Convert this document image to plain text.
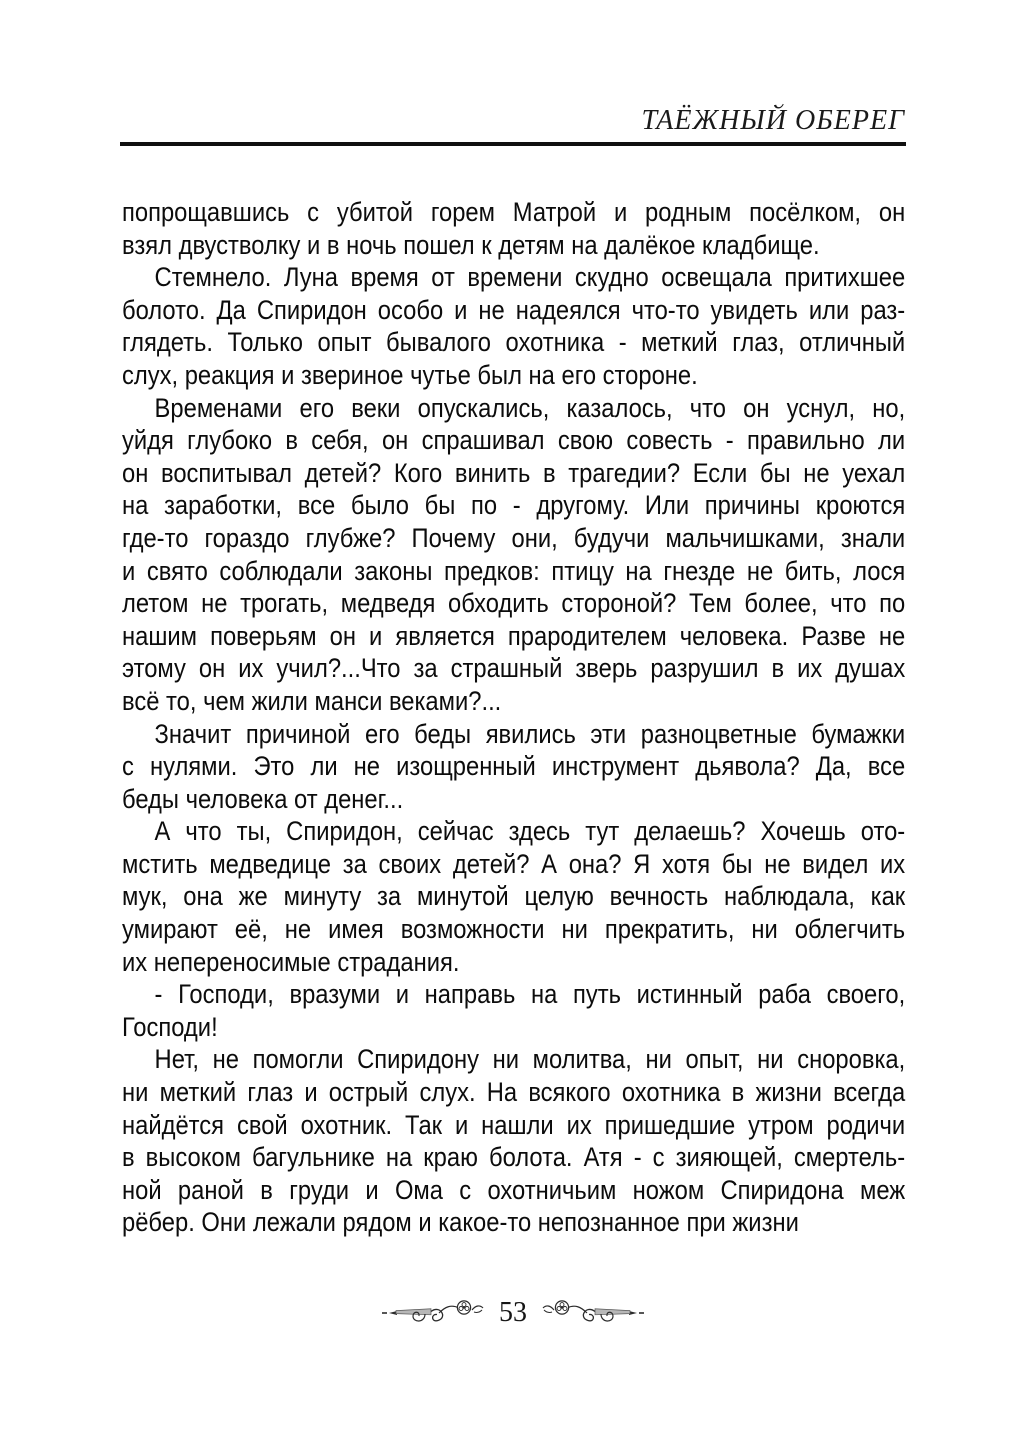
ТАЁЖНЫЙ ОБЕРЕГ
попрощавшись с убитой горем Матрой и родным посёлком, он
взял двустволку и в ночь пошел к детям на далёкое кладбище.
Стемнело. Луна время от времени скудно освещала притихшее
болото. Да Спиридон особо и не надеялся что-то увидеть или раз-
глядеть. Только опыт бывалого охотника - меткий глаз, отличный
слух, реакция и звериное чутье был на его стороне.
Временами его веки опускались, казалось, что он уснул, но,
уйдя глубоко в себя, он спрашивал свою совесть - правильно ли
он воспитывал детей? Кого винить в трагедии? Если бы не уехал
на заработки, все было бы по - другому. Или причины кроются
где-то гораздо глубже? Почему они, будучи мальчишками, знали
и свято соблюдали законы предков: птицу на гнезде не бить, лося
летом не трогать, медведя обходить стороной? Тем более, что по
нашим поверьям он и является прародителем человека. Разве не
этому он их учил?...Что за страшный зверь разрушил в их душах
всё то, чем жили манси веками?...
Значит причиной его беды явились эти разноцветные бумажки
с нулями. Это ли не изощренный инструмент дьявола? Да, все
беды человека от денег...
А что ты, Спиридон, сейчас здесь тут делаешь? Хочешь ото-
мстить медведице за своих детей? А она? Я хотя бы не видел их
мук, она же минуту за минутой целую вечность наблюдала, как
умирают её, не имея возможности ни прекратить, ни облегчить
их непереносимые страдания.
- Господи, вразуми и направь на путь истинный раба своего,
Господи!
Нет, не помогли Спиридону ни молитва, ни опыт, ни сноровка,
ни меткий глаз и острый слух. На всякого охотника в жизни всегда
найдётся свой охотник. Так и нашли их пришедшие утром родичи
в высоком багульнике на краю болота. Атя - с зияющей, смертель-
ной раной в груди и Ома с охотничьим ножом Спиридона меж
рёбер. Они лежали рядом и какое-то непознанное при жизни
53
